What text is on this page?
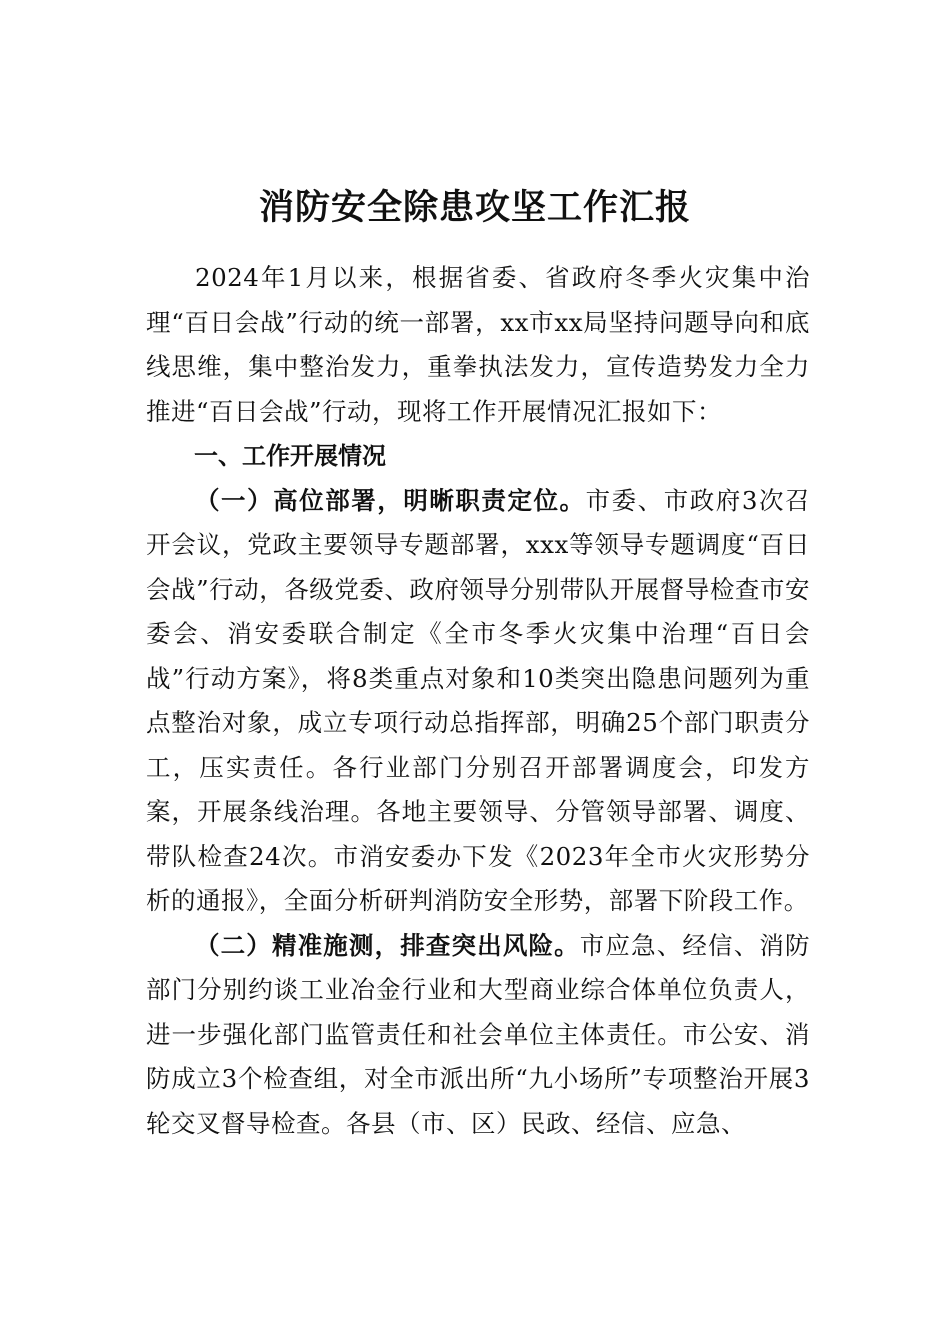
消防安全除患攻坚工作汇报

2024年1月以来，根据省委、省政府冬季火灾集中治理“百日会战”行动的统一部署，xx市xx局坚持问题导向和底线思维，集中整治发力，重拳执法发力，宣传造势发力全力推进“百日会战”行动，现将工作开展情况汇报如下：

一、工作开展情况

（一）高位部署，明晰职责定位。市委、市政府3次召开会议，党政主要领导专题部署，xxx等领导专题调度“百日会战”行动，各级党委、政府领导分别带队开展督导检查市安委会、消安委联合制定《全市冬季火灾集中治理“百日会战”行动方案》，将8类重点对象和10类突出隐患问题列为重点整治对象，成立专项行动总指挥部，明确25个部门职责分工，压实责任。各行业部门分别召开部署调度会，印发方案，开展条线治理。各地主要领导、分管领导部署、调度、带队检查24次。市消安委办下发《2023年全市火灾形势分析的通报》，全面分析研判消防安全形势，部署下阶段工作。

（二）精准施测，排查突出风险。市应急、经信、消防部门分别约谈工业冶金行业和大型商业综合体单位负责人，进一步强化部门监管责任和社会单位主体责任。市公安、消防成立3个检查组，对全市派出所“九小场所”专项整治开展3轮交叉督导检查。各县（市、区）民政、经信、应急、
